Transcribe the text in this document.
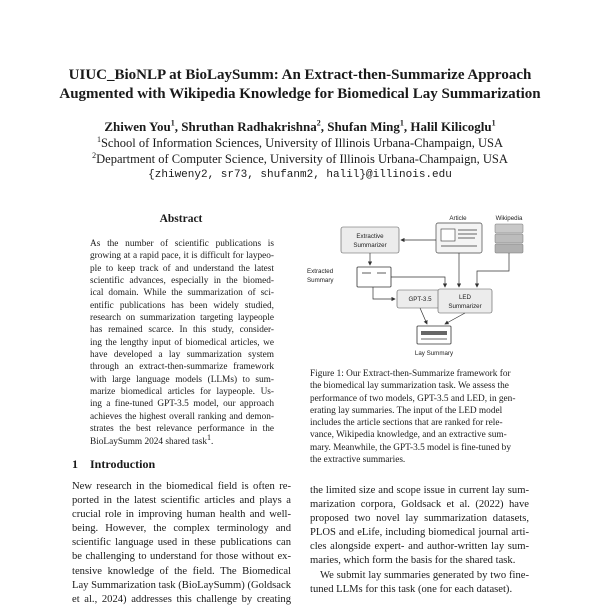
UIUC_BioNLP at BioLaySumm: An Extract-then-Summarize Approach
Augmented with Wikipedia Knowledge for Biomedical Lay Summarization
Zhiwen You$^1$, Shruthan Radhakrishna$^2$, Shufan Ming$^1$, Halil Kilicoglu$^1$
$^1$School of Information Sciences, University of Illinois Urbana-Champaign, USA
$^2$Department of Computer Science, University of Illinois Urbana-Champaign, USA
{zhiweny2, sr73, shufanm2, halil}@illinois.edu
Abstract
As the number of scientific publications is
growing at a rapid pace, it is difficult for laypeo-
ple to keep track of and understand the latest
scientific advances, especially in the biomed-
ical domain. While the summarization of sci-
entific publications has been widely studied,
research on summarization targeting laypeople
has remained scarce. In this study, consider-
ing the lengthy input of biomedical articles, we
have developed a lay summarization system
through an extract-then-summarize framework
with large language models (LLMs) to sum-
marize biomedical articles for laypeople. Us-
ing a fine-tuned GPT-3.5 model, our approach
achieves the highest overall ranking and demon-
strates the best relevance performance in the
BioLaySumm 2024 shared task$^1$.
1 Introduction
New research in the biomedical field is often re-
ported in the latest scientific articles and plays a
crucial role in improving human health and well-
being. However, the complex terminology and
scientific language used in these publications can
be challenging to understand for those without ex-
tensive knowledge of the field. The Biomedical
Lay Summarization task (BioLaySumm) (Goldsack
et al., 2024) addresses this challenge by creating
Extractive
Summarizer
Article	Wikipedia
Extracted
Summary
GPT-3.5	LED
Summarizer
Lay Summary
Figure 1: Our Extract-then-Summarize framework for
the biomedical lay summarization task. We assess the
performance of two models, GPT-3.5 and LED, in gen-
erating lay summaries. The input of the LED model
includes the article sections that are ranked for rele-
vance, Wikipedia knowledge, and an extractive sum-
mary. Meanwhile, the GPT-3.5 model is fine-tuned by
the extractive summaries.
the limited size and scope issue in current lay sum-
marization corpora, Goldsack et al. (2022) have
proposed two novel lay summarization datasets,
PLOS and eLife, including biomedical journal arti-
cles alongside expert- and author-written lay sum-
maries, which form the basis for the shared task.
We submit lay summaries generated by two fine-
tuned LLMs for this task (one for each dataset).
